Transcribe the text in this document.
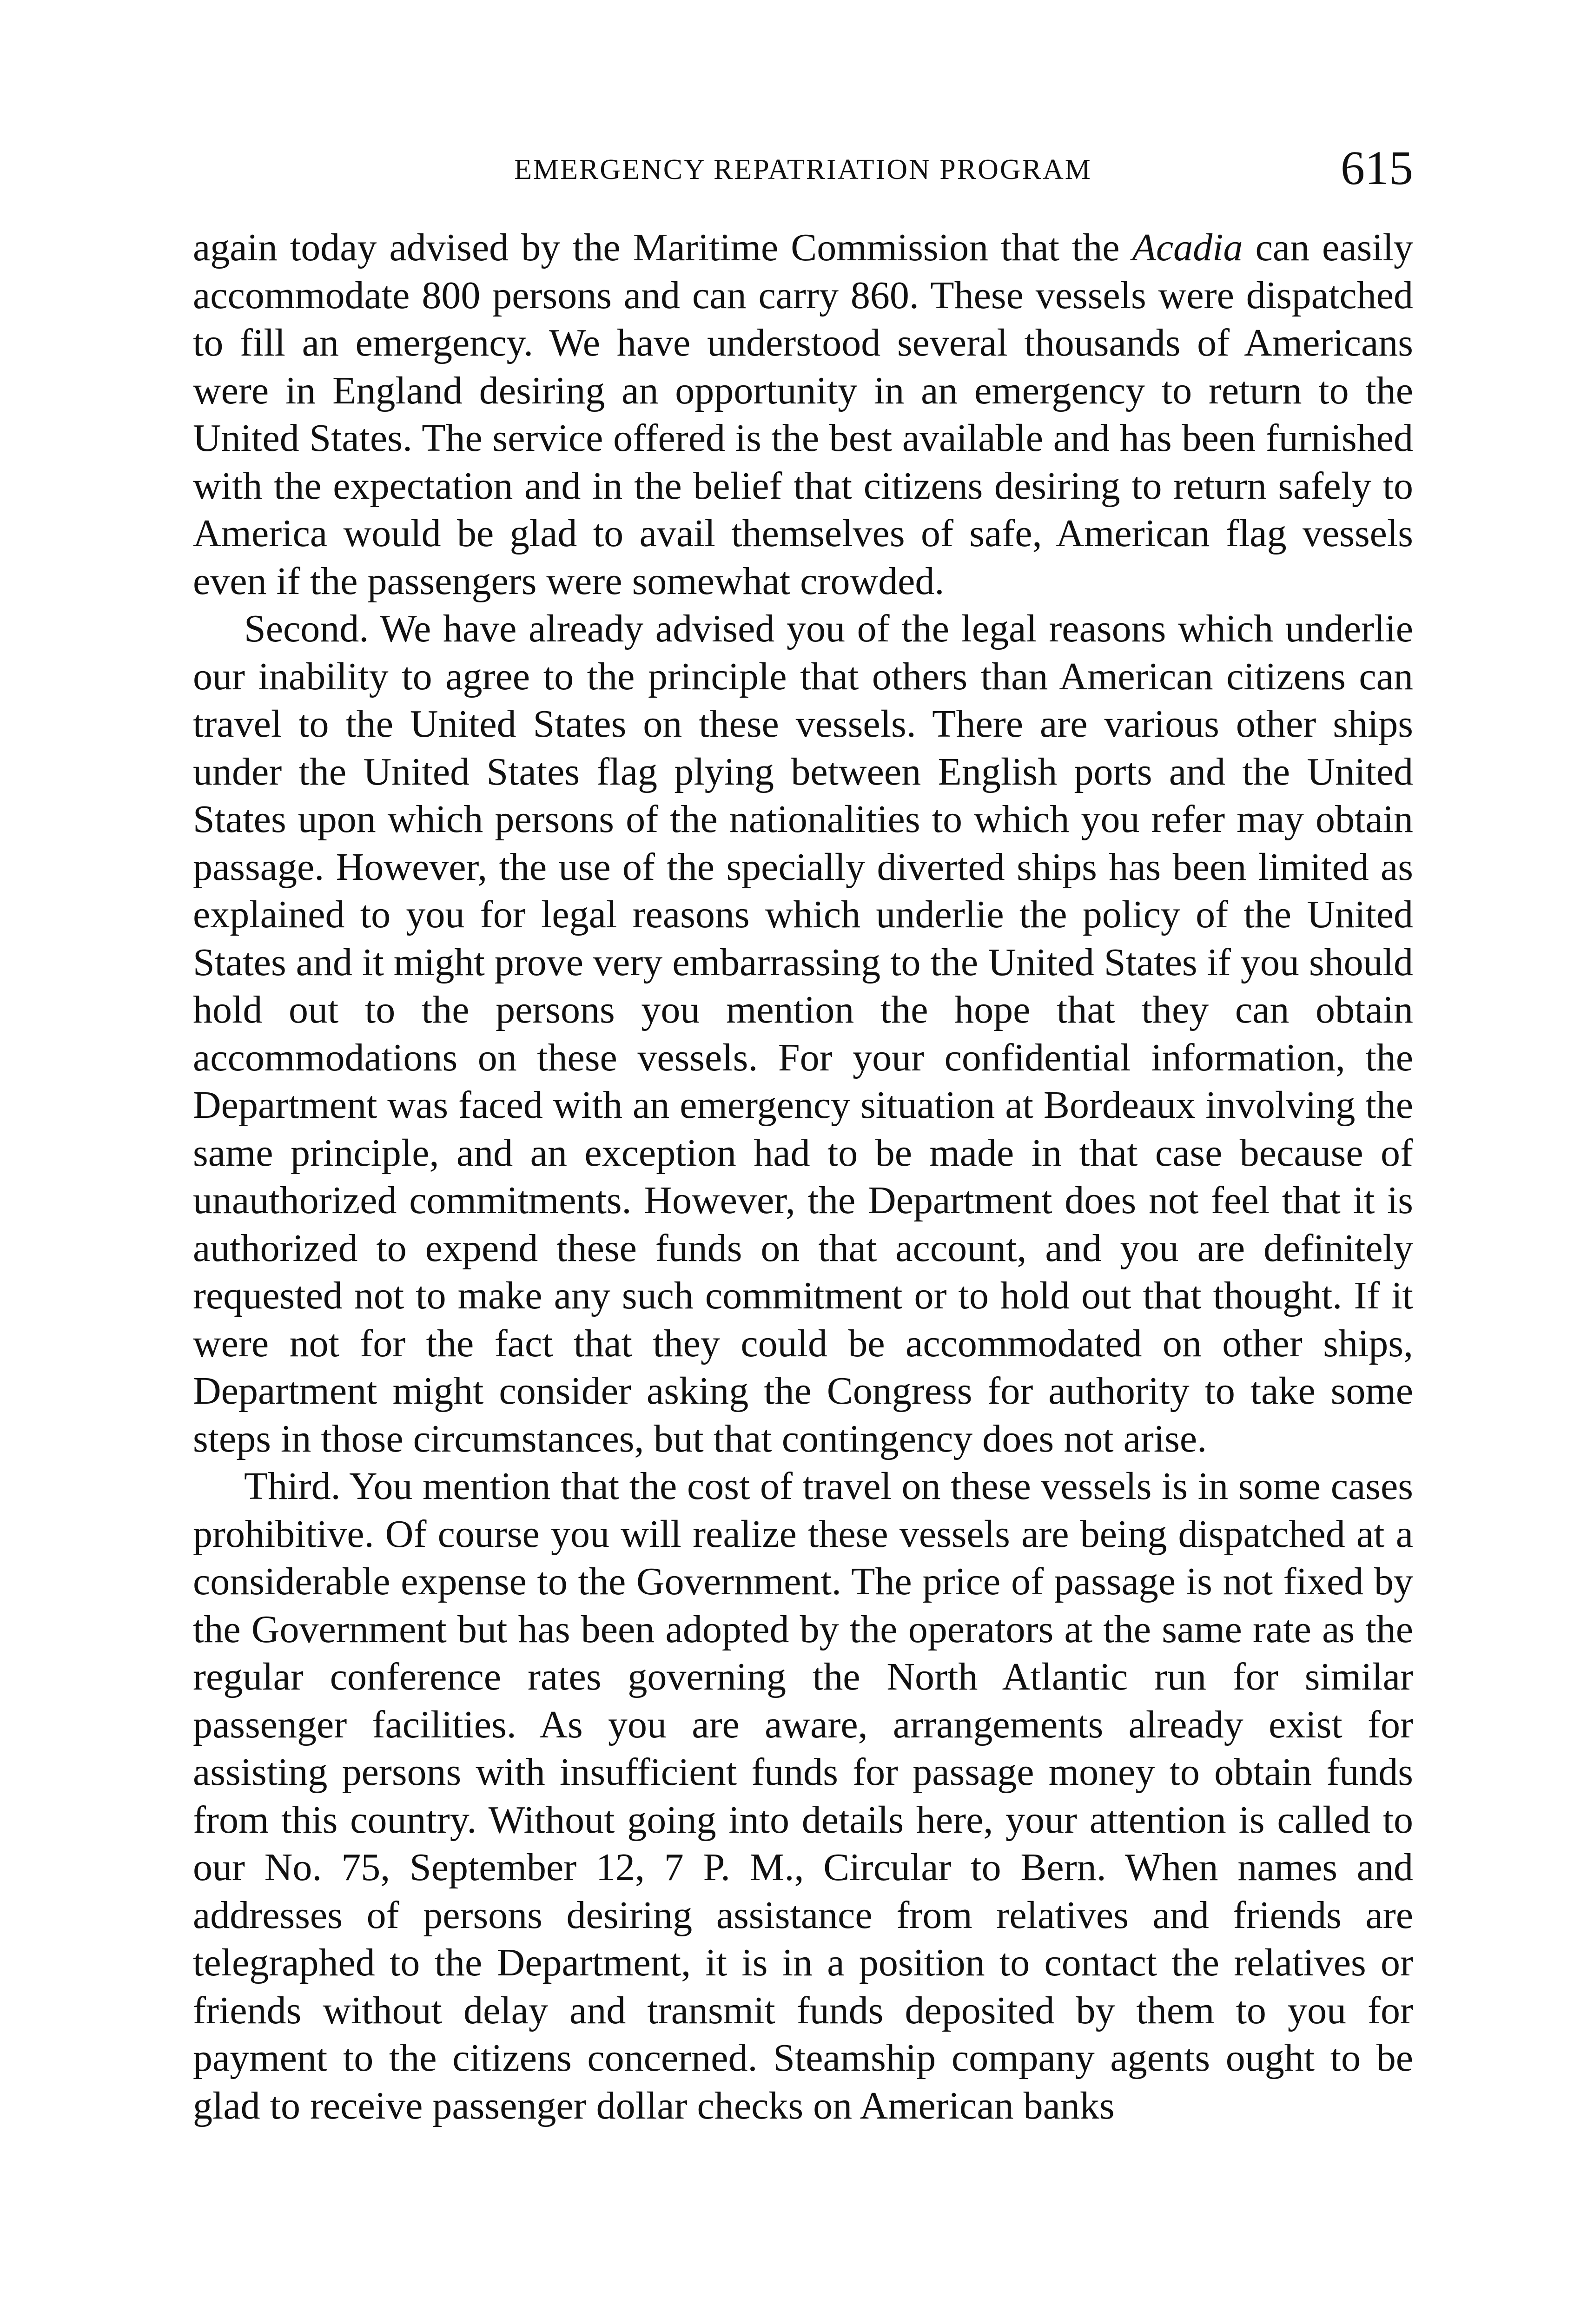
EMERGENCY REPATRIATION PROGRAM	615

again today advised by the Maritime Commission that the Acadia can easily accommodate 800 persons and can carry 860. These vessels were dispatched to fill an emergency. We have understood several thousands of Americans were in England desiring an opportunity in an emergency to return to the United States. The service offered is the best available and has been furnished with the expectation and in the belief that citizens desiring to return safely to America would be glad to avail themselves of safe, American flag vessels even if the passengers were somewhat crowded.

Second. We have already advised you of the legal reasons which underlie our inability to agree to the principle that others than American citizens can travel to the United States on these vessels. There are various other ships under the United States flag plying between English ports and the United States upon which persons of the nationalities to which you refer may obtain passage. However, the use of the specially diverted ships has been limited as explained to you for legal reasons which underlie the policy of the United States and it might prove very embarrassing to the United States if you should hold out to the persons you mention the hope that they can obtain accommodations on these vessels. For your confidential information, the Department was faced with an emergency situation at Bordeaux involving the same principle, and an exception had to be made in that case because of unauthorized commitments. However, the Department does not feel that it is authorized to expend these funds on that account, and you are definitely requested not to make any such commitment or to hold out that thought. If it were not for the fact that they could be accommodated on other ships, Department might consider asking the Congress for authority to take some steps in those circumstances, but that contingency does not arise.

Third. You mention that the cost of travel on these vessels is in some cases prohibitive. Of course you will realize these vessels are being dispatched at a considerable expense to the Government. The price of passage is not fixed by the Government but has been adopted by the operators at the same rate as the regular conference rates governing the North Atlantic run for similar passenger facilities. As you are aware, arrangements already exist for assisting persons with insufficient funds for passage money to obtain funds from this country. Without going into details here, your attention is called to our No. 75, September 12, 7 P. M., Circular to Bern. When names and addresses of persons desiring assistance from relatives and friends are telegraphed to the Department, it is in a position to contact the relatives or friends without delay and transmit funds deposited by them to you for payment to the citizens concerned. Steamship company agents ought to be glad to receive passenger dollar checks on American banks
